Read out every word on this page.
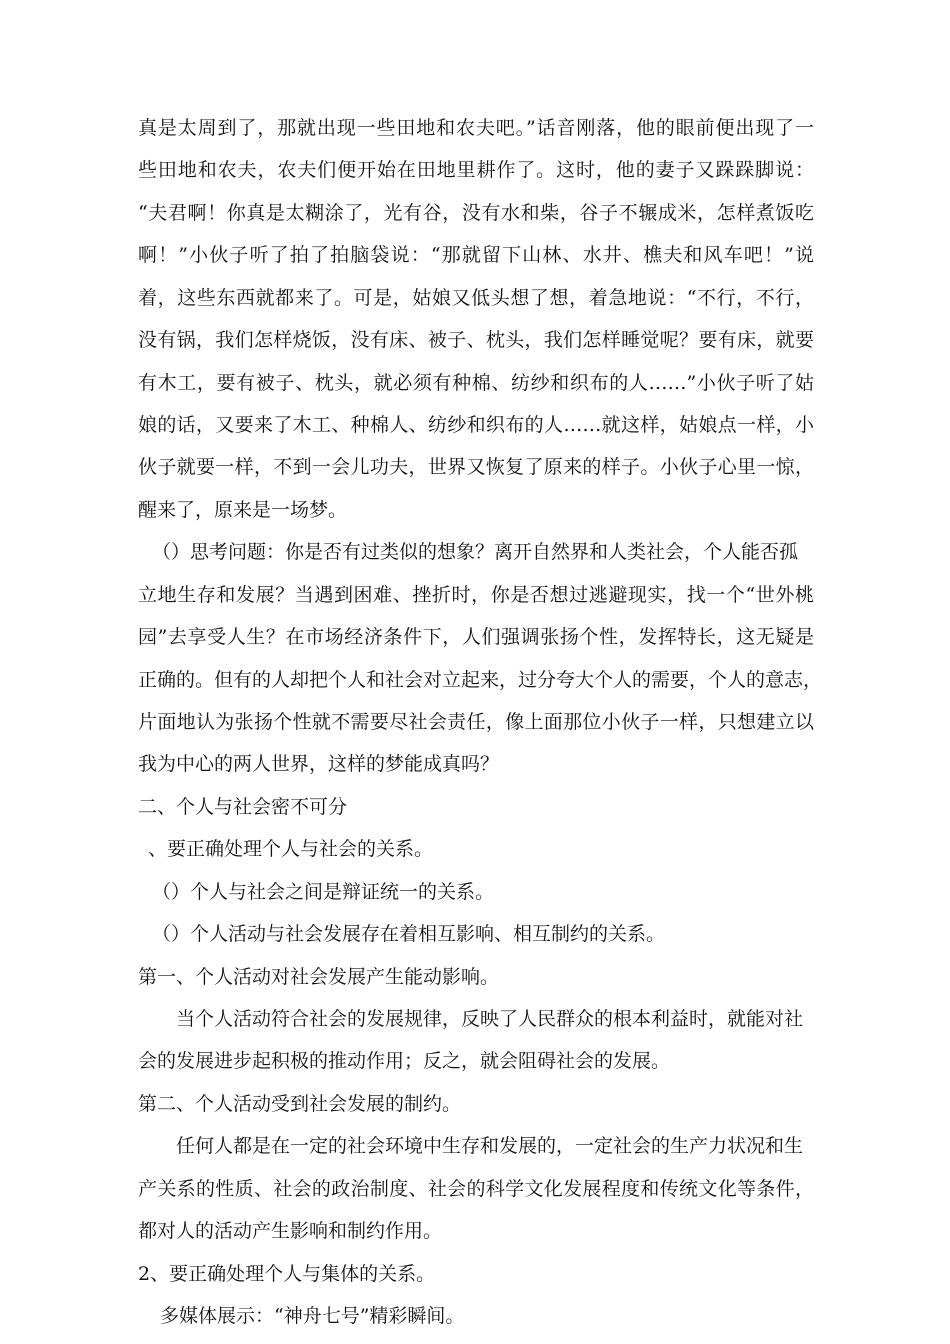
真是太周到了，那就出现一些田地和农夫吧。”话音刚落，他的眼前便出现了一
些田地和农夫，农夫们便开始在田地里耕作了。这时，他的妻子又跺跺脚说：
“夫君啊！你真是太糊涂了，光有谷，没有水和柴，谷子不辗成米，怎样煮饭吃
啊！”小伙子听了拍了拍脑袋说：“那就留下山林、水井、樵夫和风车吧！”说
着，这些东西就都来了。可是，姑娘又低头想了想，着急地说：“不行，不行，
没有锅，我们怎样烧饭，没有床、被子、枕头，我们怎样睡觉呢？要有床，就要
有木工，要有被子、枕头，就必须有种棉、纺纱和织布的人……”小伙子听了姑
娘的话，又要来了木工、种棉人、纺纱和织布的人……就这样，姑娘点一样，小
伙子就要一样，不到一会儿功夫，世界又恢复了原来的样子。小伙子心里一惊，
醒来了，原来是一场梦。
（）思考问题：你是否有过类似的想象？离开自然界和人类社会，个人能否孤
立地生存和发展？当遇到困难、挫折时，你是否想过逃避现实，找一个“世外桃
园”去享受人生？在市场经济条件下，人们强调张扬个性，发挥特长，这无疑是
正确的。但有的人却把个人和社会对立起来，过分夸大个人的需要，个人的意志，
片面地认为张扬个性就不需要尽社会责任，像上面那位小伙子一样，只想建立以
我为中心的两人世界，这样的梦能成真吗？
二、个人与社会密不可分
、要正确处理个人与社会的关系。
（）个人与社会之间是辩证统一的关系。
（）个人活动与社会发展存在着相互影响、相互制约的关系。
第一、个人活动对社会发展产生能动影响。
当个人活动符合社会的发展规律，反映了人民群众的根本利益时，就能对社
会的发展进步起积极的推动作用；反之，就会阻碍社会的发展。
第二、个人活动受到社会发展的制约。
任何人都是在一定的社会环境中生存和发展的，一定社会的生产力状况和生
产关系的性质、社会的政治制度、社会的科学文化发展程度和传统文化等条件，
都对人的活动产生影响和制约作用。
2、要正确处理个人与集体的关系。
多媒体展示：“神舟七号”精彩瞬间。
